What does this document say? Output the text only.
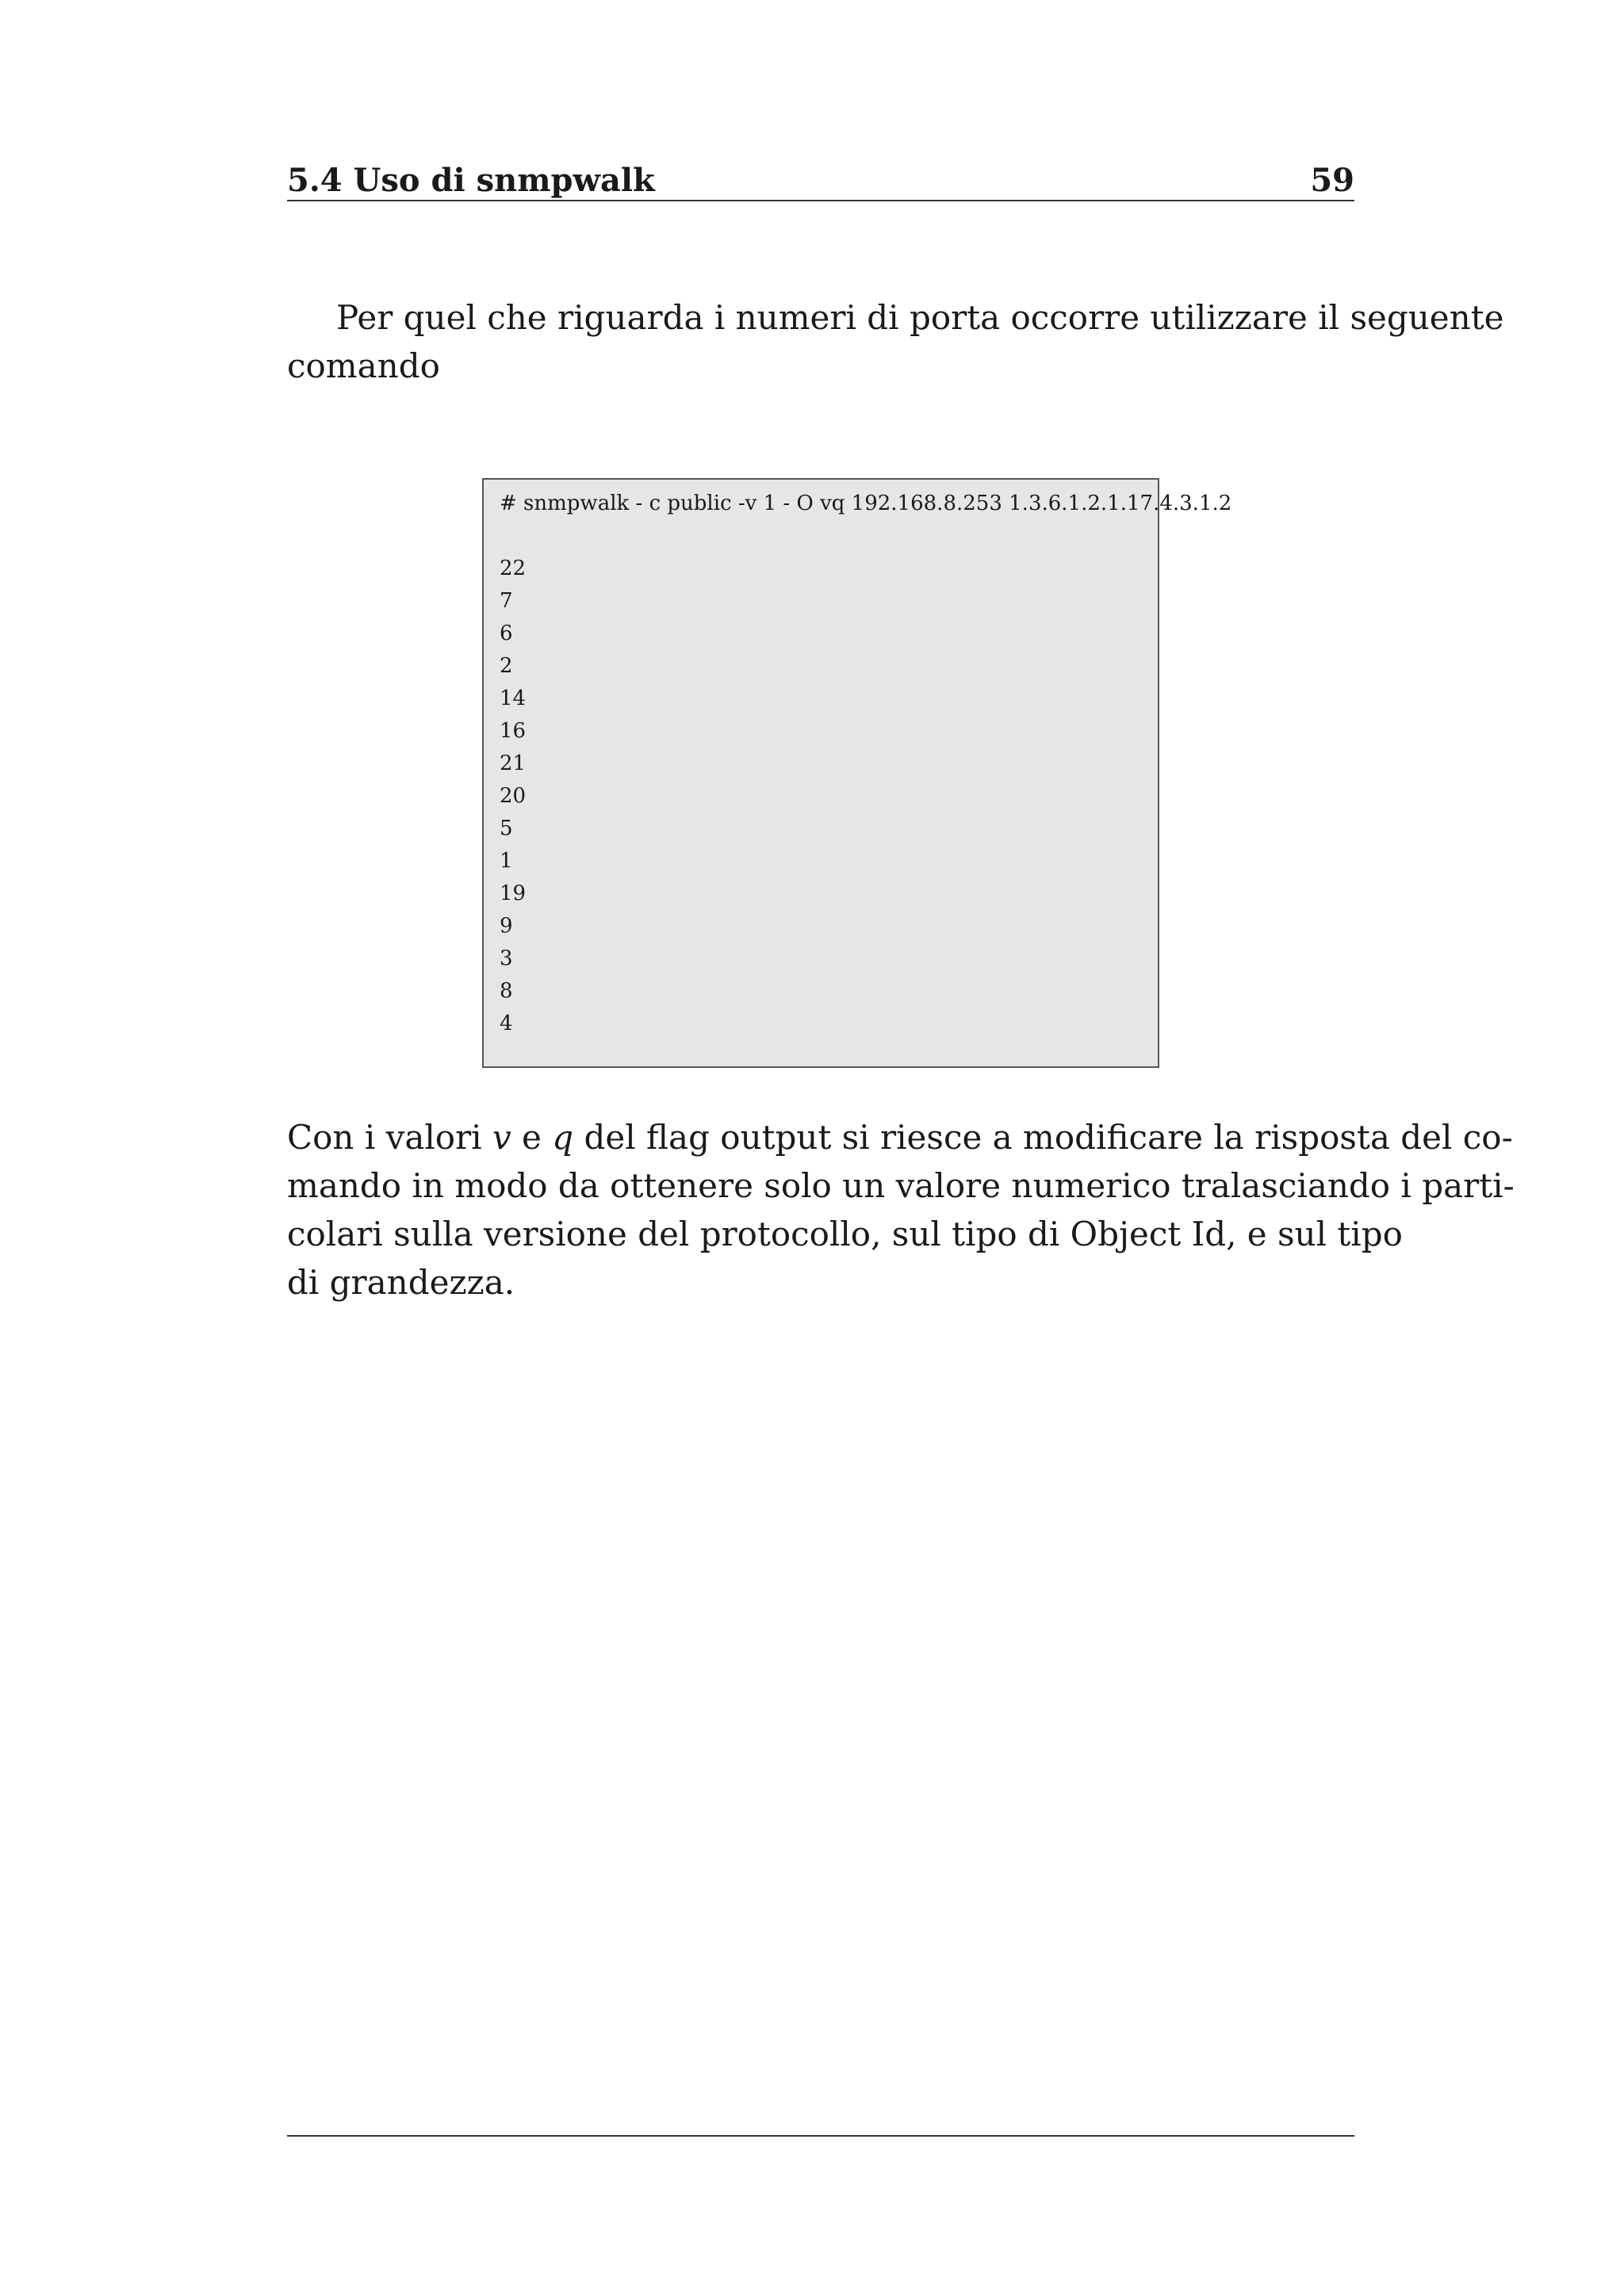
5.4 Uso di snmpwalk	59

Per quel che riguarda i numeri di porta occorre utilizzare il seguente
comando

# snmpwalk - c public -v 1 - O vq 192.168.8.253 1.3.6.1.2.1.17.4.3.1.2
22
7
6
2
14
16
21
20
5
1
19
9
3
8
4

Con i valori v e q del flag output si riesce a modificare la risposta del co-
mando in modo da ottenere solo un valore numerico tralasciando i parti-
colari sulla versione del protocollo, sul tipo di Object Id, e sul tipo
di grandezza.
